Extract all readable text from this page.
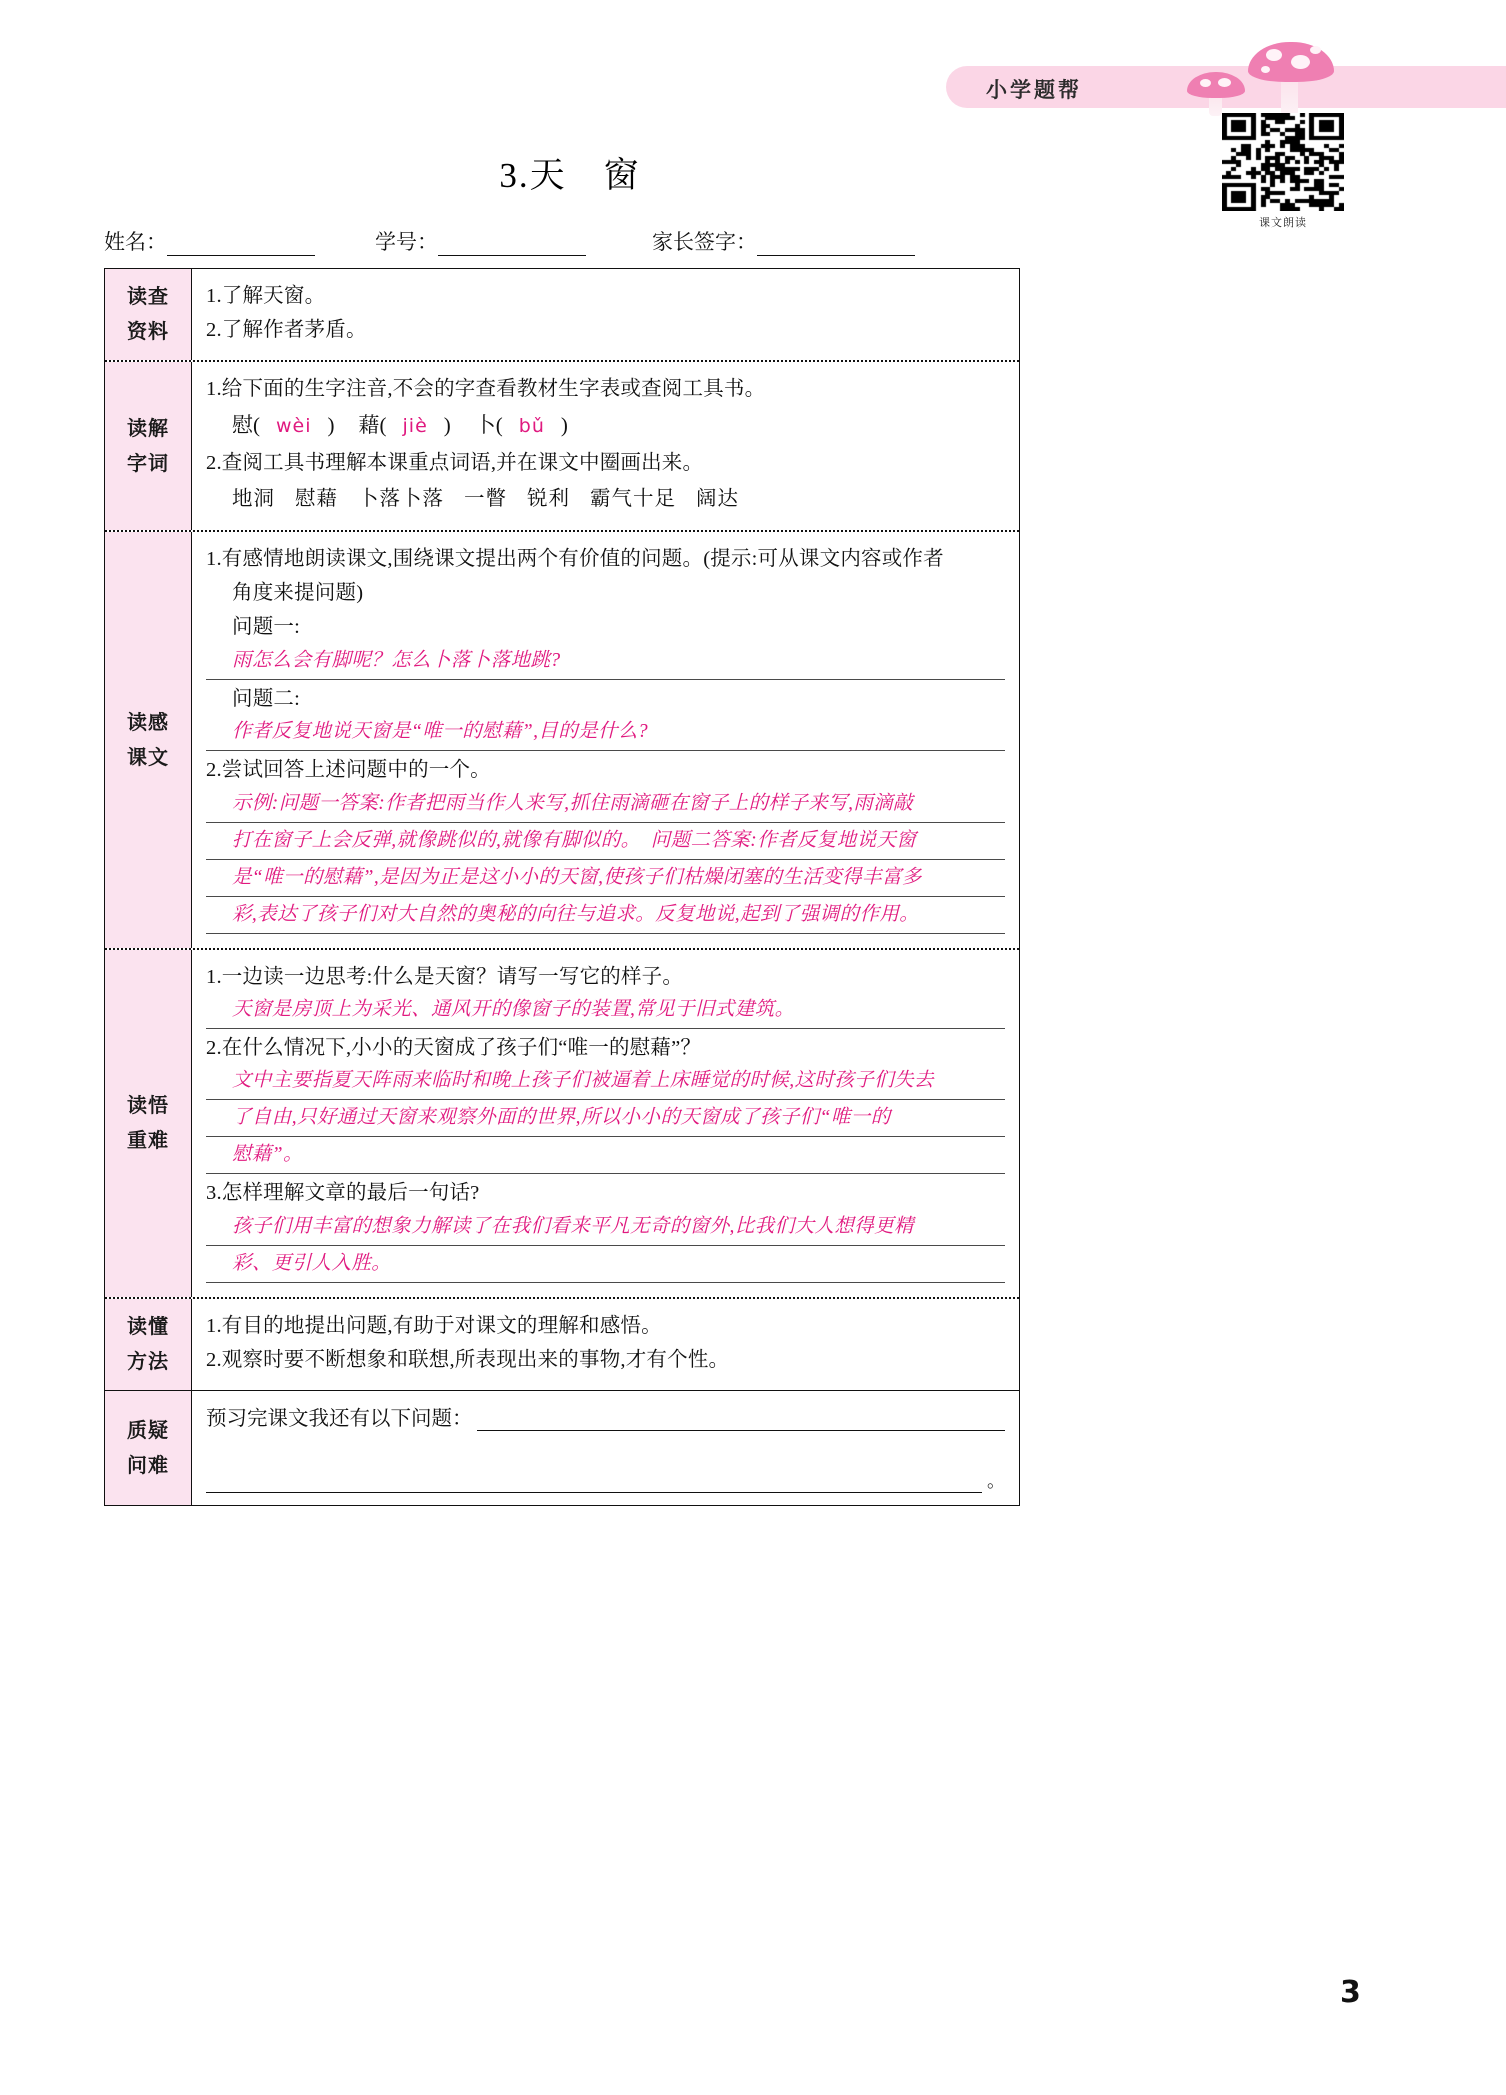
小学题帮
课文朗读
3.天　窗
姓名：	学号：	家长签字：
读查
资料
1.了解天窗。
2.了解作者茅盾。
读解
字词
1.给下面的生字注音,不会的字查看教材生字表或查阅工具书。
慰( wèi ) 藉( jiè ) 卜( bǔ )
2.查阅工具书理解本课重点词语,并在课文中圈画出来。
地洞 慰藉 卜落卜落 一瞥 锐利 霸气十足 阔达
读感
课文
1.有感情地朗读课文,围绕课文提出两个有价值的问题。(提示:可从课文内容或作者
角度来提问题)
问题一:
雨怎么会有脚呢？怎么卜落卜落地跳?
问题二:
作者反复地说天窗是“唯一的慰藉”,目的是什么?
2.尝试回答上述问题中的一个。
示例:问题一答案:作者把雨当作人来写,抓住雨滴砸在窗子上的样子来写,雨滴敲
打在窗子上会反弹,就像跳似的,就像有脚似的。　问题二答案:作者反复地说天窗
是“唯一的慰藉”,是因为正是这小小的天窗,使孩子们枯燥闭塞的生活变得丰富多
彩,表达了孩子们对大自然的奥秘的向往与追求。反复地说,起到了强调的作用。
读悟
重难
1.一边读一边思考:什么是天窗？请写一写它的样子。
天窗是房顶上为采光、通风开的像窗子的装置,常见于旧式建筑。
2.在什么情况下,小小的天窗成了孩子们“唯一的慰藉”？
文中主要指夏天阵雨来临时和晚上孩子们被逼着上床睡觉的时候,这时孩子们失去
了自由,只好通过天窗来观察外面的世界,所以小小的天窗成了孩子们“唯一的
慰藉”。
3.怎样理解文章的最后一句话?
孩子们用丰富的想象力解读了在我们看来平凡无奇的窗外,比我们大人想得更精
彩、更引人入胜。
读懂
方法
1.有目的地提出问题,有助于对课文的理解和感悟。
2.观察时要不断想象和联想,所表现出来的事物,才有个性。
质疑
问难
预习完课文我还有以下问题：
。
3
